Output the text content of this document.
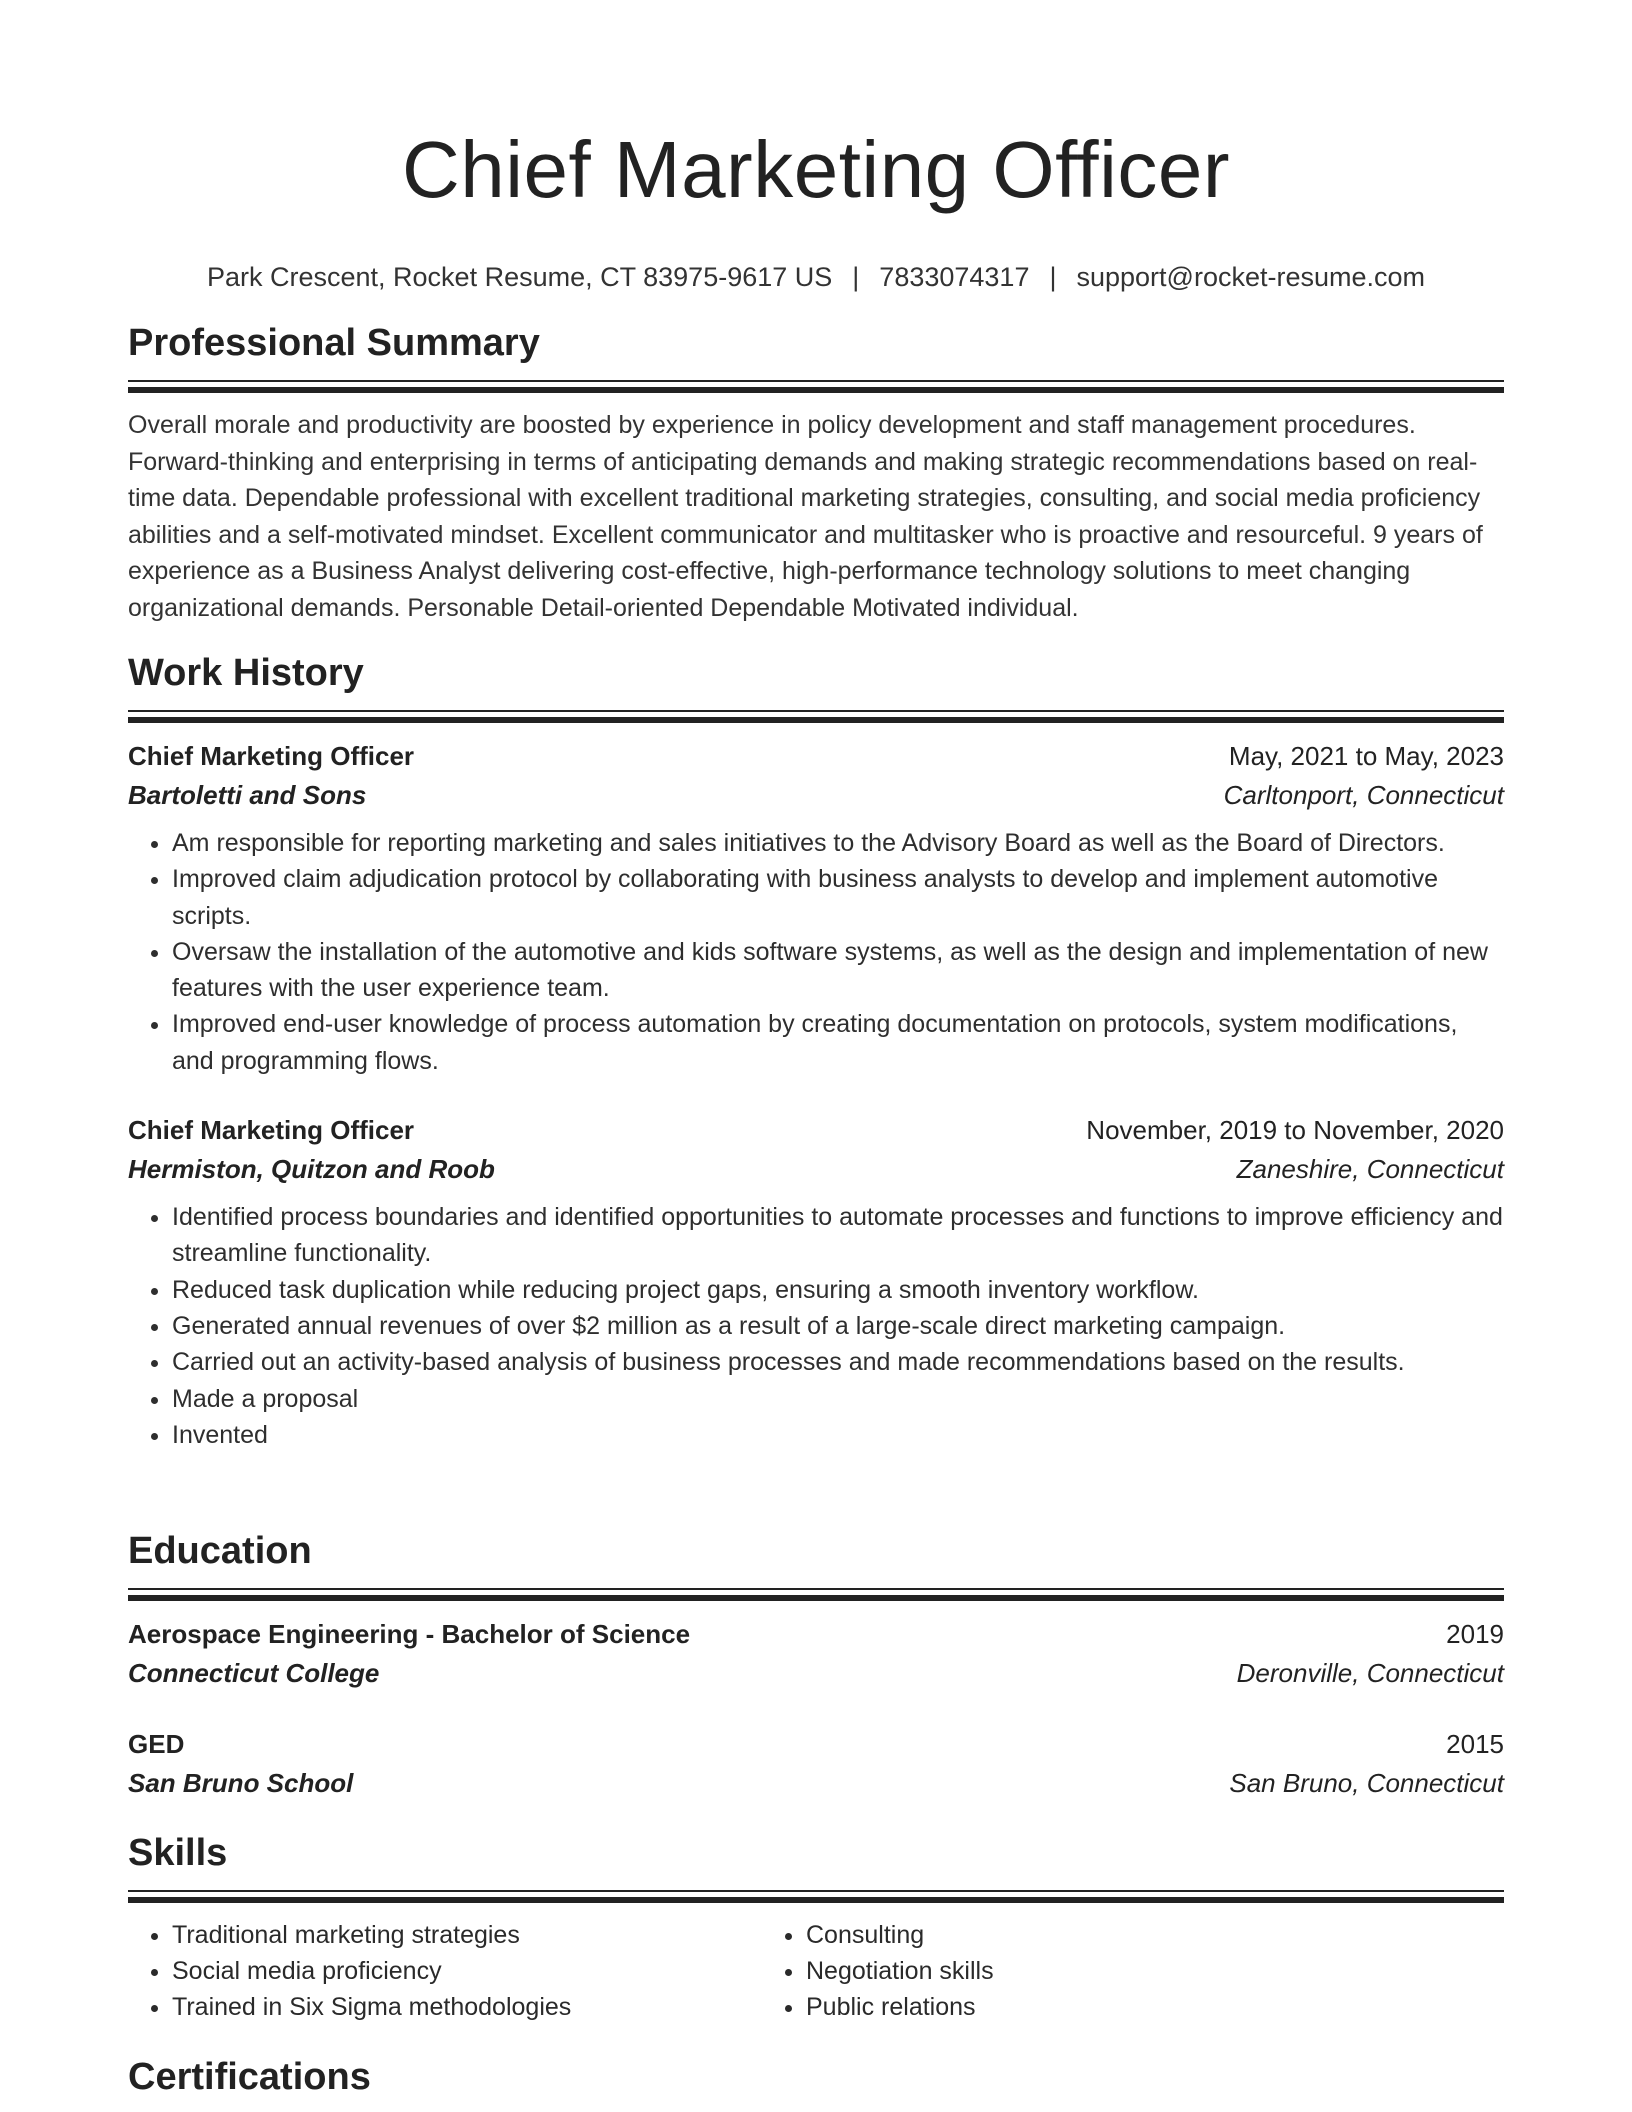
Chief Marketing Officer
Park Crescent, Rocket Resume, CT 83975-9617 US | 7833074317 | support@rocket-resume.com
Professional Summary
Overall morale and productivity are boosted by experience in policy development and staff management procedures. Forward-thinking and enterprising in terms of anticipating demands and making strategic recommendations based on real-time data. Dependable professional with excellent traditional marketing strategies, consulting, and social media proficiency abilities and a self-motivated mindset. Excellent communicator and multitasker who is proactive and resourceful. 9 years of experience as a Business Analyst delivering cost-effective, high-performance technology solutions to meet changing organizational demands. Personable Detail-oriented Dependable Motivated individual.
Work History
Chief Marketing Officer	May, 2021 to May, 2023
Bartoletti and Sons	Carltonport, Connecticut
• Am responsible for reporting marketing and sales initiatives to the Advisory Board as well as the Board of Directors.
• Improved claim adjudication protocol by collaborating with business analysts to develop and implement automotive scripts.
• Oversaw the installation of the automotive and kids software systems, as well as the design and implementation of new features with the user experience team.
• Improved end-user knowledge of process automation by creating documentation on protocols, system modifications, and programming flows.
Chief Marketing Officer	November, 2019 to November, 2020
Hermiston, Quitzon and Roob	Zaneshire, Connecticut
• Identified process boundaries and identified opportunities to automate processes and functions to improve efficiency and streamline functionality.
• Reduced task duplication while reducing project gaps, ensuring a smooth inventory workflow.
• Generated annual revenues of over $2 million as a result of a large-scale direct marketing campaign.
• Carried out an activity-based analysis of business processes and made recommendations based on the results.
• Made a proposal
• Invented
Education
Aerospace Engineering - Bachelor of Science	2019
Connecticut College	Deronville, Connecticut
GED	2015
San Bruno School	San Bruno, Connecticut
Skills
• Traditional marketing strategies
• Social media proficiency
• Trained in Six Sigma methodologies
• Consulting
• Negotiation skills
• Public relations
Certifications
